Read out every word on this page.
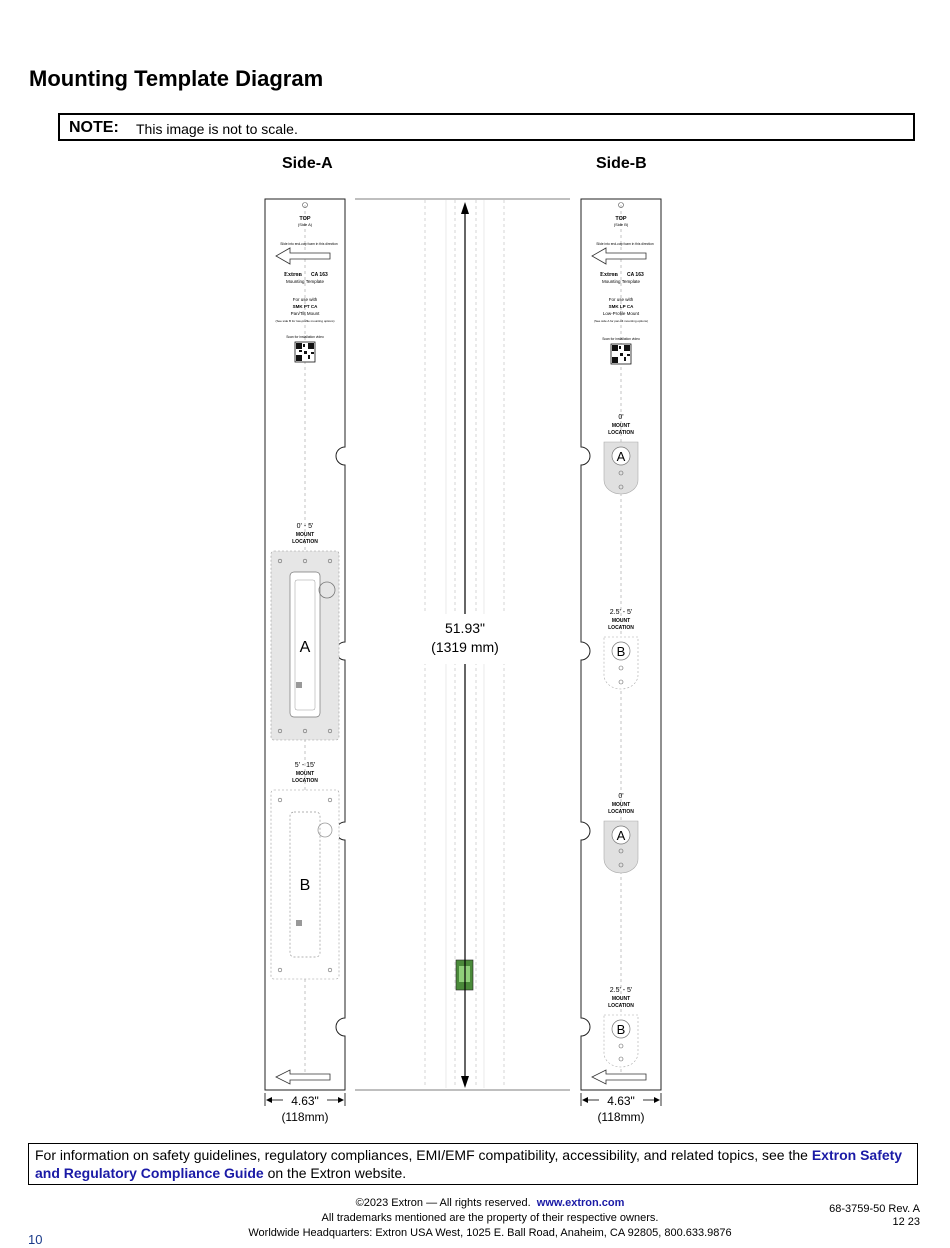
Mounting Template Diagram
NOTE: This image is not to scale.
Side-A	Side-B
TOP
(Side A)
Slide into end-cap foam in this direction
Extron CA 163
Mounting Template
For use with
SMK PT CA
Pan/Tilt Mount
(See side B for low-profile mounting options)
Scan for installation video
0' - 5'
MOUNT
LOCATION
A
5' - 15'
MOUNT
LOCATION
B
51.93"
(1319 mm)
TOP
(Side B)
Slide into end-cap foam in this direction
Extron CA 163
Mounting Template
For use with
SMK LP CA
Low-Profile Mount
(See side A for pan-tilt mounting options)
Scan for installation video
0'
MOUNT
LOCATION
A
2.5' - 5'
MOUNT
LOCATION
B
0'
MOUNT
LOCATION
A
2.5' - 5'
MOUNT
LOCATION
B
4.63"
(118mm)
4.63"
(118mm)
For information on safety guidelines, regulatory compliances, EMI/EMF compatibility, accessibility, and related topics, see the Extron Safety and Regulatory Compliance Guide on the Extron website.
©2023 Extron — All rights reserved. www.extron.com
All trademarks mentioned are the property of their respective owners.
Worldwide Headquarters: Extron USA West, 1025 E. Ball Road, Anaheim, CA 92805, 800.633.9876
68-3759-50 Rev. A
12 23
10
